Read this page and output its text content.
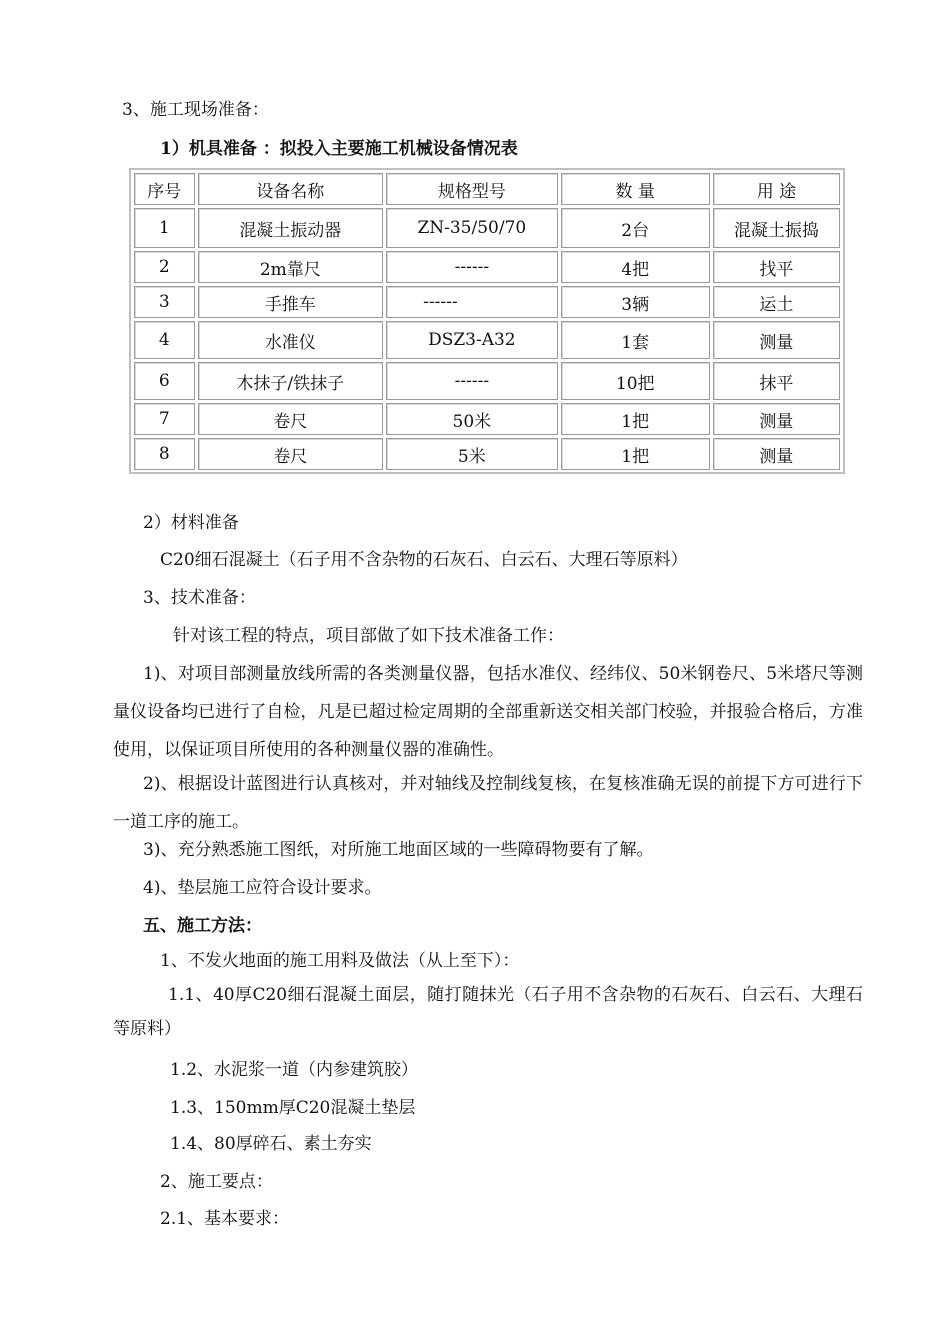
3、施工现场准备：
1）机具准备 ：拟投入主要施工机械设备情况表
序号	设备名称	规格型号	数 量	用 途
1	混凝土振动器	ZN-35/50/70	2台	混凝土振捣
2	2m靠尺	------	4把	找平
3	手推车	------	3辆	运土
4	水准仪	DSZ3-A32	1套	测量
6	木抹子/铁抹子	------	10把	抹平
7	卷尺	50米	1把	测量
8	卷尺	5米	1把	测量
2）材料准备
C20细石混凝土（石子用不含杂物的石灰石、白云石、大理石等原料）
3、技术准备：
针对该工程的特点，项目部做了如下技术准备工作：
1)、对项目部测量放线所需的各类测量仪器，包括水准仪、经纬仪、50米钢卷尺、5米塔尺等测量仪设备均已进行了自检，凡是已超过检定周期的全部重新送交相关部门校验，并报验合格后，方准使用，以保证项目所使用的各种测量仪器的准确性。
2)、根据设计蓝图进行认真核对，并对轴线及控制线复核，在复核准确无误的前提下方可进行下一道工序的施工。
3)、充分熟悉施工图纸，对所施工地面区域的一些障碍物要有了解。
4)、垫层施工应符合设计要求。
五、施工方法：
1、不发火地面的施工用料及做法（从上至下）：
1.1、40厚C20细石混凝土面层，随打随抹光（石子用不含杂物的石灰石、白云石、大理石等原料）
1.2、水泥浆一道（内参建筑胶）
1.3、150mm厚C20混凝土垫层
1.4、80厚碎石、素土夯实
2、施工要点：
2.1、基本要求：
